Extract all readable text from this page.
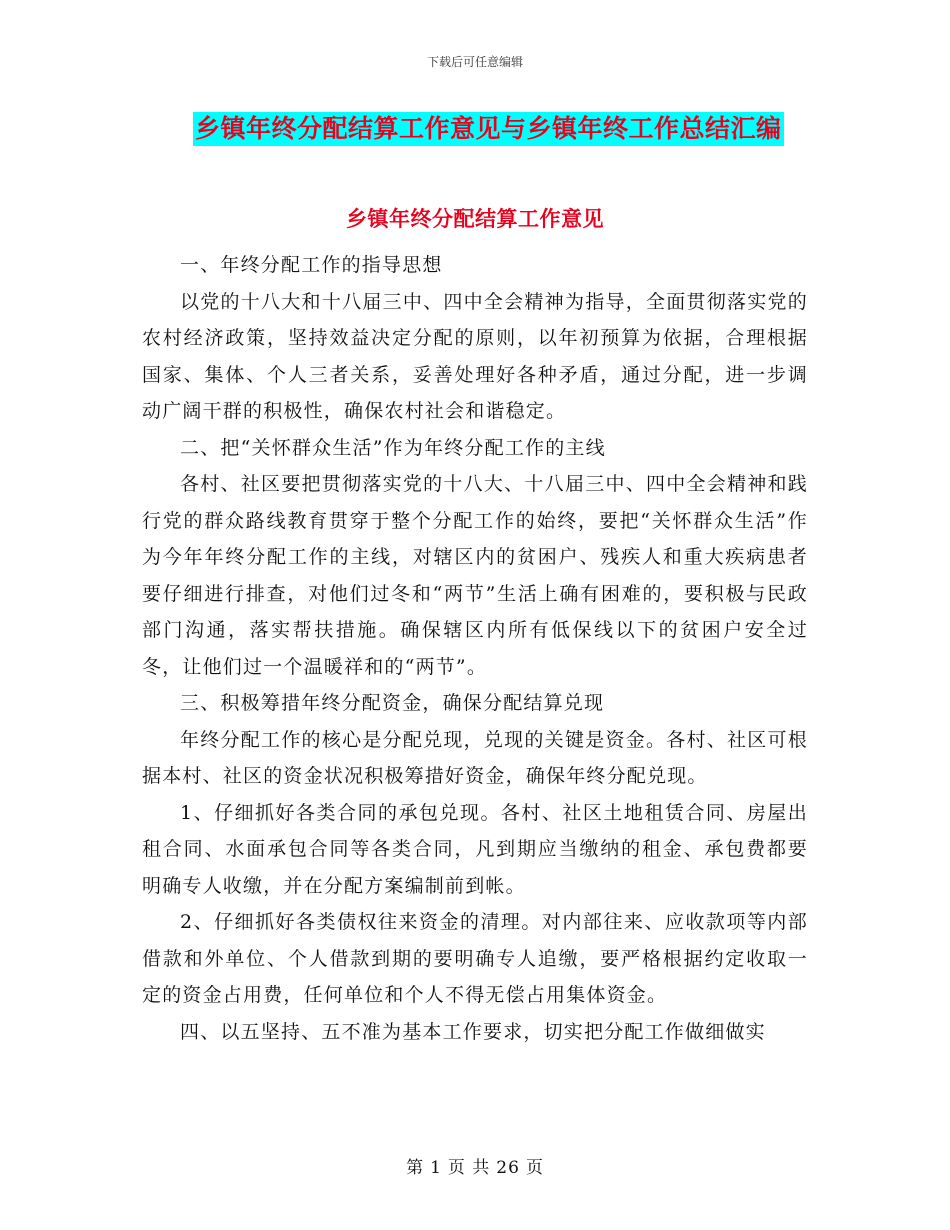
下载后可任意编辑
乡镇年终分配结算工作意见与乡镇年终工作总结汇编
乡镇年终分配结算工作意见

一、年终分配工作的指导思想

以党的十八大和十八届三中、四中全会精神为指导，全面贯彻落实党的农村经济政策，坚持效益决定分配的原则，以年初预算为依据，合理根据国家、集体、个人三者关系，妥善处理好各种矛盾，通过分配，进一步调动广阔干群的积极性，确保农村社会和谐稳定。

二、把“关怀群众生活”作为年终分配工作的主线

各村、社区要把贯彻落实党的十八大、十八届三中、四中全会精神和践行党的群众路线教育贯穿于整个分配工作的始终，要把“关怀群众生活”作为今年年终分配工作的主线，对辖区内的贫困户、残疾人和重大疾病患者要仔细进行排查，对他们过冬和“两节”生活上确有困难的，要积极与民政部门沟通，落实帮扶措施。确保辖区内所有低保线以下的贫困户安全过冬，让他们过一个温暖祥和的“两节”。

三、积极筹措年终分配资金，确保分配结算兑现

年终分配工作的核心是分配兑现，兑现的关键是资金。各村、社区可根据本村、社区的资金状况积极筹措好资金，确保年终分配兑现。

1、仔细抓好各类合同的承包兑现。各村、社区土地租赁合同、房屋出租合同、水面承包合同等各类合同，凡到期应当缴纳的租金、承包费都要明确专人收缴，并在分配方案编制前到帐。

2、仔细抓好各类债权往来资金的清理。对内部往来、应收款项等内部借款和外单位、个人借款到期的要明确专人追缴，要严格根据约定收取一定的资金占用费，任何单位和个人不得无偿占用集体资金。

四、以五坚持、五不准为基本工作要求，切实把分配工作做细做实

第 1 页 共 26 页
